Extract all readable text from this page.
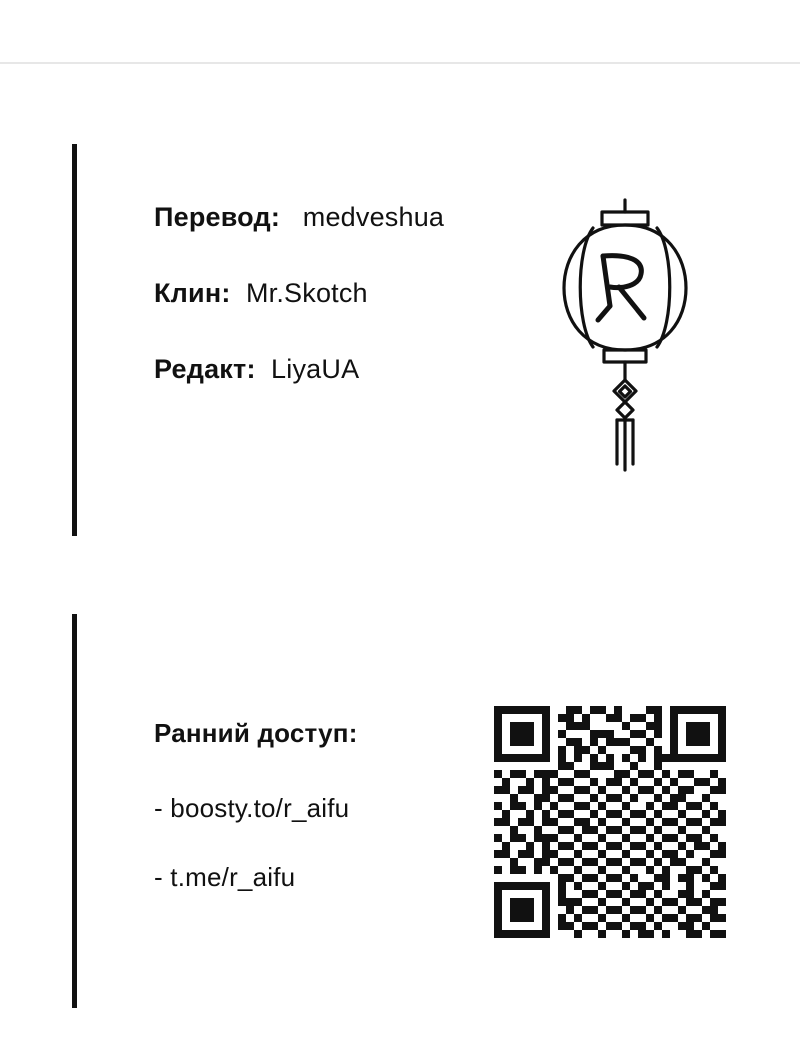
Перевод: medveshua
Клин: Mr.Skotch
Редакт: LiyaUA
Ранний доступ:
- boosty.to/r_aifu
- t.me/r_aifu
